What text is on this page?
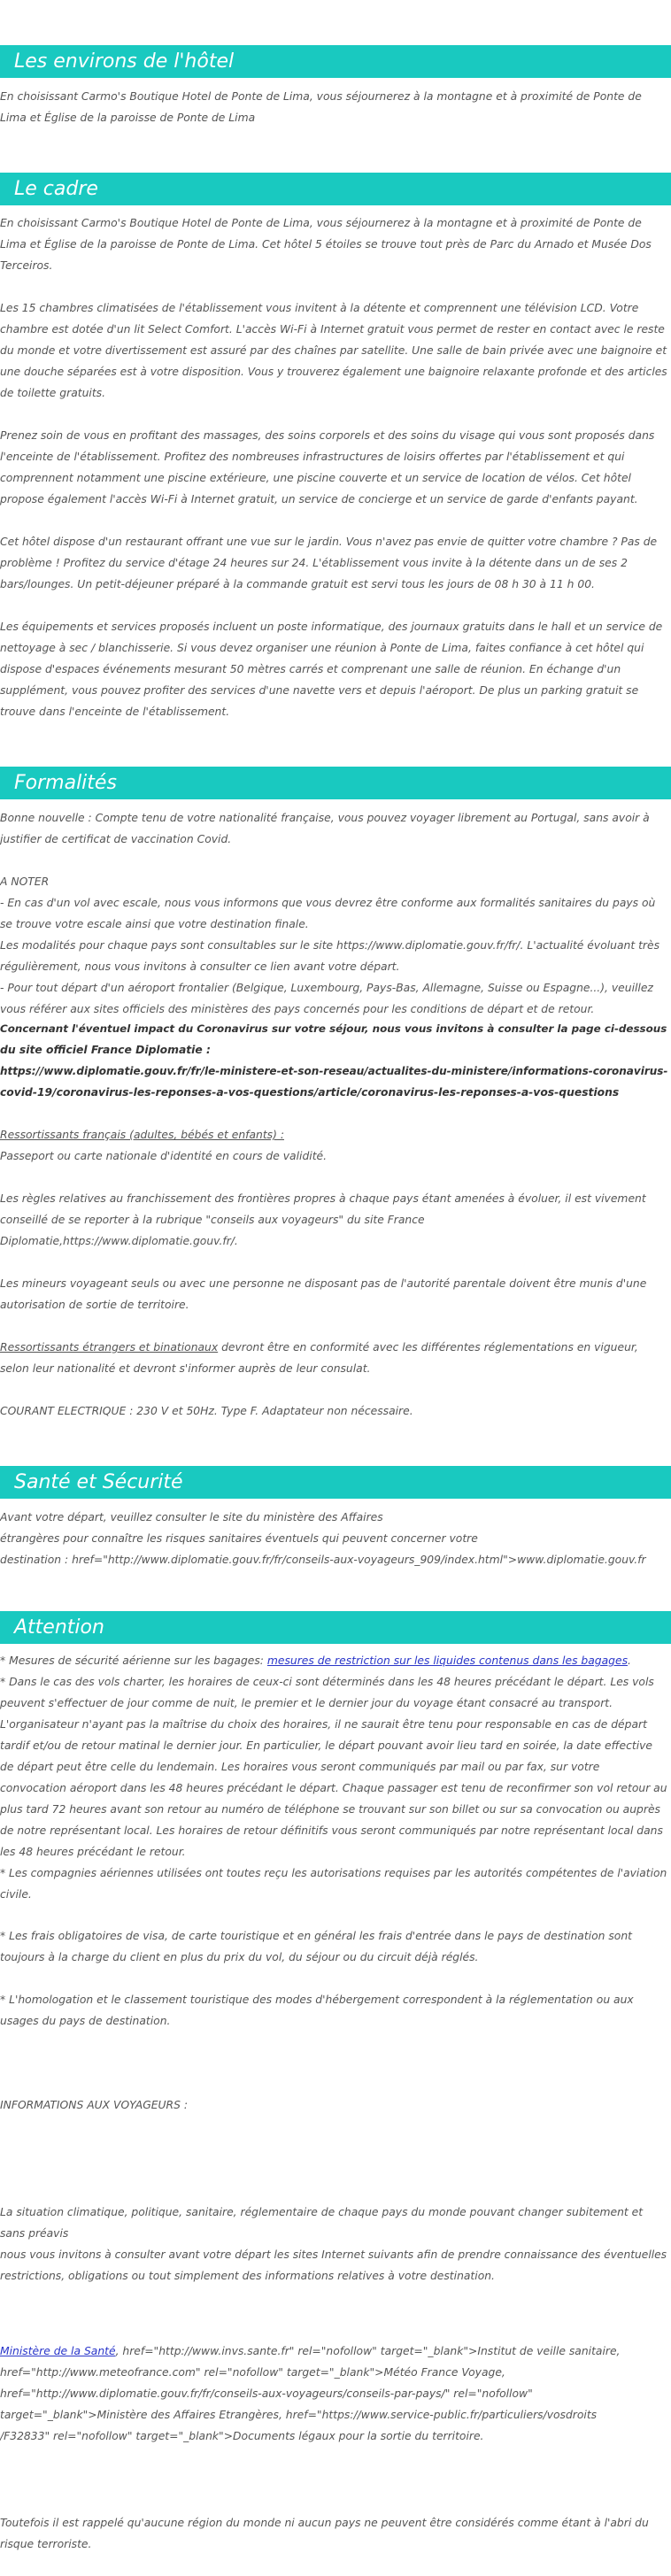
Les environs de l'hôtel
En choisissant Carmo's Boutique Hotel de Ponte de Lima, vous séjournerez à la montagne et à proximité de Ponte de
Lima et Église de la paroisse de Ponte de Lima
Le cadre
En choisissant Carmo's Boutique Hotel de Ponte de Lima, vous séjournerez à la montagne et à proximité de Ponte de
Lima et Église de la paroisse de Ponte de Lima. Cet hôtel 5 étoiles se trouve tout près de Parc du Arnado et Musée Dos
Terceiros.
Les 15 chambres climatisées de l'établissement vous invitent à la détente et comprennent une télévision LCD. Votre
chambre est dotée d'un lit Select Comfort. L'accès Wi-Fi à Internet gratuit vous permet de rester en contact avec le reste
du monde et votre divertissement est assuré par des chaînes par satellite. Une salle de bain privée avec une baignoire et
une douche séparées est à votre disposition. Vous y trouverez également une baignoire relaxante profonde et des articles
de toilette gratuits.
Prenez soin de vous en profitant des massages, des soins corporels et des soins du visage qui vous sont proposés dans
l'enceinte de l'établissement. Profitez des nombreuses infrastructures de loisirs offertes par l'établissement et qui
comprennent notamment une piscine extérieure, une piscine couverte et un service de location de vélos. Cet hôtel
propose également l'accès Wi-Fi à Internet gratuit, un service de concierge et un service de garde d'enfants payant.
Cet hôtel dispose d'un restaurant offrant une vue sur le jardin. Vous n'avez pas envie de quitter votre chambre ? Pas de
problème ! Profitez du service d'étage 24 heures sur 24. L'établissement vous invite à la détente dans un de ses 2
bars/lounges. Un petit-déjeuner préparé à la commande gratuit est servi tous les jours de 08 h 30 à 11 h 00.
Les équipements et services proposés incluent un poste informatique, des journaux gratuits dans le hall et un service de
nettoyage à sec / blanchisserie. Si vous devez organiser une réunion à Ponte de Lima, faites confiance à cet hôtel qui
dispose d'espaces événements mesurant 50 mètres carrés et comprenant une salle de réunion. En échange d'un
supplément, vous pouvez profiter des services d'une navette vers et depuis l'aéroport. De plus un parking gratuit se
trouve dans l'enceinte de l'établissement.
Formalités
Bonne nouvelle : Compte tenu de votre nationalité française, vous pouvez voyager librement au Portugal, sans avoir à
justifier de certificat de vaccination Covid.
A NOTER
- En cas d'un vol avec escale, nous vous informons que vous devrez être conforme aux formalités sanitaires du pays où
se trouve votre escale ainsi que votre destination finale.
Les modalités pour chaque pays sont consultables sur le site https://www.diplomatie.gouv.fr/fr/. L'actualité évoluant très
régulièrement, nous vous invitons à consulter ce lien avant votre départ.
- Pour tout départ d'un aéroport frontalier (Belgique, Luxembourg, Pays-Bas, Allemagne, Suisse ou Espagne...), veuillez
vous référer aux sites officiels des ministères des pays concernés pour les conditions de départ et de retour.
Concernant l'éventuel impact du Coronavirus sur votre séjour, nous vous invitons à consulter la page ci-dessous
du site officiel France Diplomatie :
https://www.diplomatie.gouv.fr/fr/le-ministere-et-son-reseau/actualites-du-ministere/informations-coronavirus-
covid-19/coronavirus-les-reponses-a-vos-questions/article/coronavirus-les-reponses-a-vos-questions
Ressortissants français (adultes, bébés et enfants) :
Passeport ou carte nationale d'identité en cours de validité.
Les règles relatives au franchissement des frontières propres à chaque pays étant amenées à évoluer, il est vivement
conseillé de se reporter à la rubrique "conseils aux voyageurs" du site France
Diplomatie,https://www.diplomatie.gouv.fr/.
Les mineurs voyageant seuls ou avec une personne ne disposant pas de l'autorité parentale doivent être munis d'une
autorisation de sortie de territoire.
Ressortissants étrangers et binationaux devront être en conformité avec les différentes réglementations en vigueur,
selon leur nationalité et devront s'informer auprès de leur consulat.
COURANT ELECTRIQUE : 230 V et 50Hz. Type F. Adaptateur non nécessaire.
Santé et Sécurité
Avant votre départ, veuillez consulter le site du ministère des Affaires
étrangères pour connaître les risques sanitaires éventuels qui peuvent concerner votre
destination : href="http://www.diplomatie.gouv.fr/fr/conseils-aux-voyageurs_909/index.html">www.diplomatie.gouv.fr
Attention
* Mesures de sécurité aérienne sur les bagages: mesures de restriction sur les liquides contenus dans les bagages.
* Dans le cas des vols charter, les horaires de ceux-ci sont déterminés dans les 48 heures précédant le départ. Les vols
peuvent s'effectuer de jour comme de nuit, le premier et le dernier jour du voyage étant consacré au transport.
L'organisateur n'ayant pas la maîtrise du choix des horaires, il ne saurait être tenu pour responsable en cas de départ
tardif et/ou de retour matinal le dernier jour. En particulier, le départ pouvant avoir lieu tard en soirée, la date effective
de départ peut être celle du lendemain. Les horaires vous seront communiqués par mail ou par fax, sur votre
convocation aéroport dans les 48 heures précédant le départ. Chaque passager est tenu de reconfirmer son vol retour au
plus tard 72 heures avant son retour au numéro de téléphone se trouvant sur son billet ou sur sa convocation ou auprès
de notre représentant local. Les horaires de retour définitifs vous seront communiqués par notre représentant local dans
les 48 heures précédant le retour.
* Les compagnies aériennes utilisées ont toutes reçu les autorisations requises par les autorités compétentes de l'aviation
civile.
* Les frais obligatoires de visa, de carte touristique et en général les frais d'entrée dans le pays de destination sont
toujours à la charge du client en plus du prix du vol, du séjour ou du circuit déjà réglés.
* L'homologation et le classement touristique des modes d'hébergement correspondent à la réglementation ou aux
usages du pays de destination.
INFORMATIONS AUX VOYAGEURS :
La situation climatique, politique, sanitaire, réglementaire de chaque pays du monde pouvant changer subitement et
sans préavis
nous vous invitons à consulter avant votre départ les sites Internet suivants afin de prendre connaissance des éventuelles
restrictions, obligations ou tout simplement des informations relatives à votre destination.
Ministère de la Santé, href="http://www.invs.sante.fr" rel="nofollow" target="_blank">Institut de veille sanitaire,
href="http://www.meteofrance.com" rel="nofollow" target="_blank">Météo France Voyage,
href="http://www.diplomatie.gouv.fr/fr/conseils-aux-voyageurs/conseils-par-pays/" rel="nofollow"
target="_blank">Ministère des Affaires Etrangères, href="https://www.service-public.fr/particuliers/vosdroits
/F32833" rel="nofollow" target="_blank">Documents légaux pour la sortie du territoire.
Toutefois il est rappelé qu'aucune région du monde ni aucun pays ne peuvent être considérés comme étant à l'abri du
risque terroriste.
